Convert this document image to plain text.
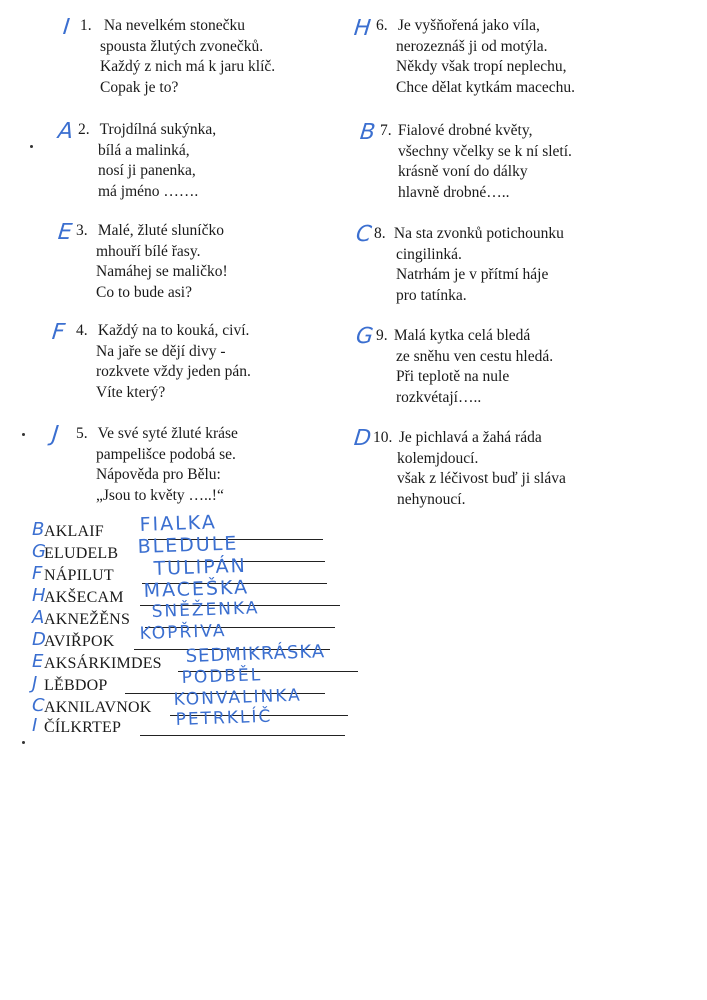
I 1. Na nevelkém stonečku
spousta žlutých zvonečků.
Každý z nich má k jaru klíč.
Copak je to?
A 2. Trojdílná sukýnka,
bílá a malinká,
nosí ji panenka,
má jméno …….
E 3. Malé, žluté sluníčko
mhouří bílé řasy.
Namáhej se maličko!
Co to bude asi?
F 4. Každý na to kouká, civí.
Na jaře se dějí divy -
rozkvete vždy jeden pán.
Víte který?
J 5. Ve své syté žluté kráse
pampelišce podobá se.
Nápověda pro Bělu:
„Jsou to květy …..!“
H 6. Je vyšňořená jako víla,
nerozeznáš ji od motýla.
Někdy však tropí neplechu,
Chce dělat kytkám macechu.
B 7. Fialové drobné květy,
všechny včelky se k ní sletí.
krásně voní do dálky
hlavně drobné…..
C 8. Na sta zvonků potichounku
cingilinká.
Natrhám je v přítmí háje
pro tatínka.
G 9. Malá kytka celá bledá
ze sněhu ven cestu hledá.
Při teplotě na nule
rozkvétají…..
D 10. Je pichlavá a žahá ráda
kolemjdoucí.
však z léčivost buď ji sláva
nehynoucí.
B AKLAIF FIALKA
G
ELUDELB BLEDULE
F NÁPILUT TULIPÁN
H
AKŠECAM MACEŠKA
A AKNEŽĚNS SNĚŽENKA
D
AVIŘPOK KOPŘIVA
E AKSÁRKIMDES SEDMIKRÁSKA
J LĚBDOP	PODBĚL
C AKNILAVNOK KONVALINKA
I ČÍLKRTEP	PETRKLÍČ
